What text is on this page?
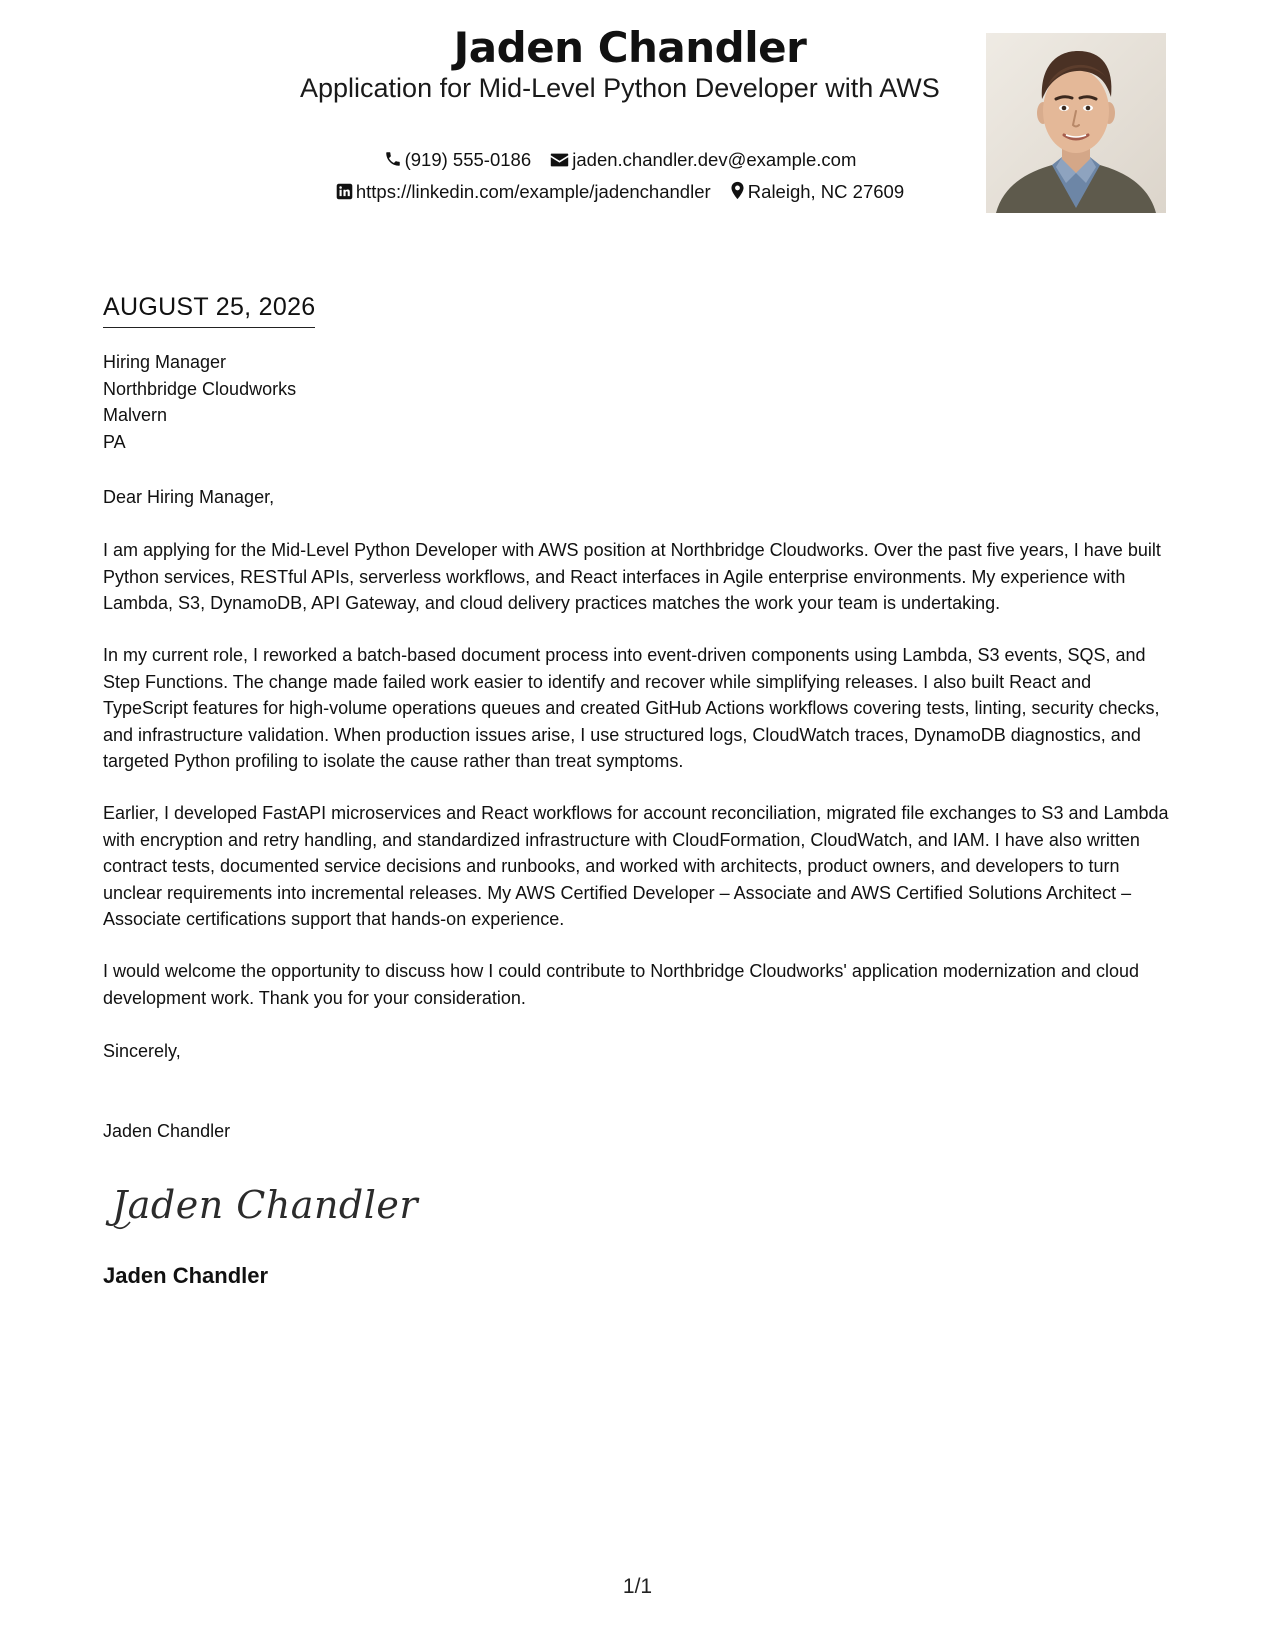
Jaden Chandler
Application for Mid-Level Python Developer with AWS
(919) 555-0186 jaden.chandler.dev@example.com
https://linkedin.com/example/jadenchandler Raleigh, NC 27609
AUGUST 25, 2026
Hiring Manager
Northbridge Cloudworks
Malvern
PA
Dear Hiring Manager,
I am applying for the Mid-Level Python Developer with AWS position at Northbridge Cloudworks. Over the past five years, I have built Python services, RESTful APIs, serverless workflows, and React interfaces in Agile enterprise environments. My experience with Lambda, S3, DynamoDB, API Gateway, and cloud delivery practices matches the work your team is undertaking.
In my current role, I reworked a batch-based document process into event-driven components using Lambda, S3 events, SQS, and Step Functions. The change made failed work easier to identify and recover while simplifying releases. I also built React and TypeScript features for high-volume operations queues and created GitHub Actions workflows covering tests, linting, security checks, and infrastructure validation. When production issues arise, I use structured logs, CloudWatch traces, DynamoDB diagnostics, and targeted Python profiling to isolate the cause rather than treat symptoms.
Earlier, I developed FastAPI microservices and React workflows for account reconciliation, migrated file exchanges to S3 and Lambda with encryption and retry handling, and standardized infrastructure with CloudFormation, CloudWatch, and IAM. I have also written contract tests, documented service decisions and runbooks, and worked with architects, product owners, and developers to turn unclear requirements into incremental releases. My AWS Certified Developer – Associate and AWS Certified Solutions Architect – Associate certifications support that hands-on experience.
I would welcome the opportunity to discuss how I could contribute to Northbridge Cloudworks' application modernization and cloud development work. Thank you for your consideration.
Sincerely,
Jaden Chandler
Jaden Chandler
Jaden Chandler
1/1
